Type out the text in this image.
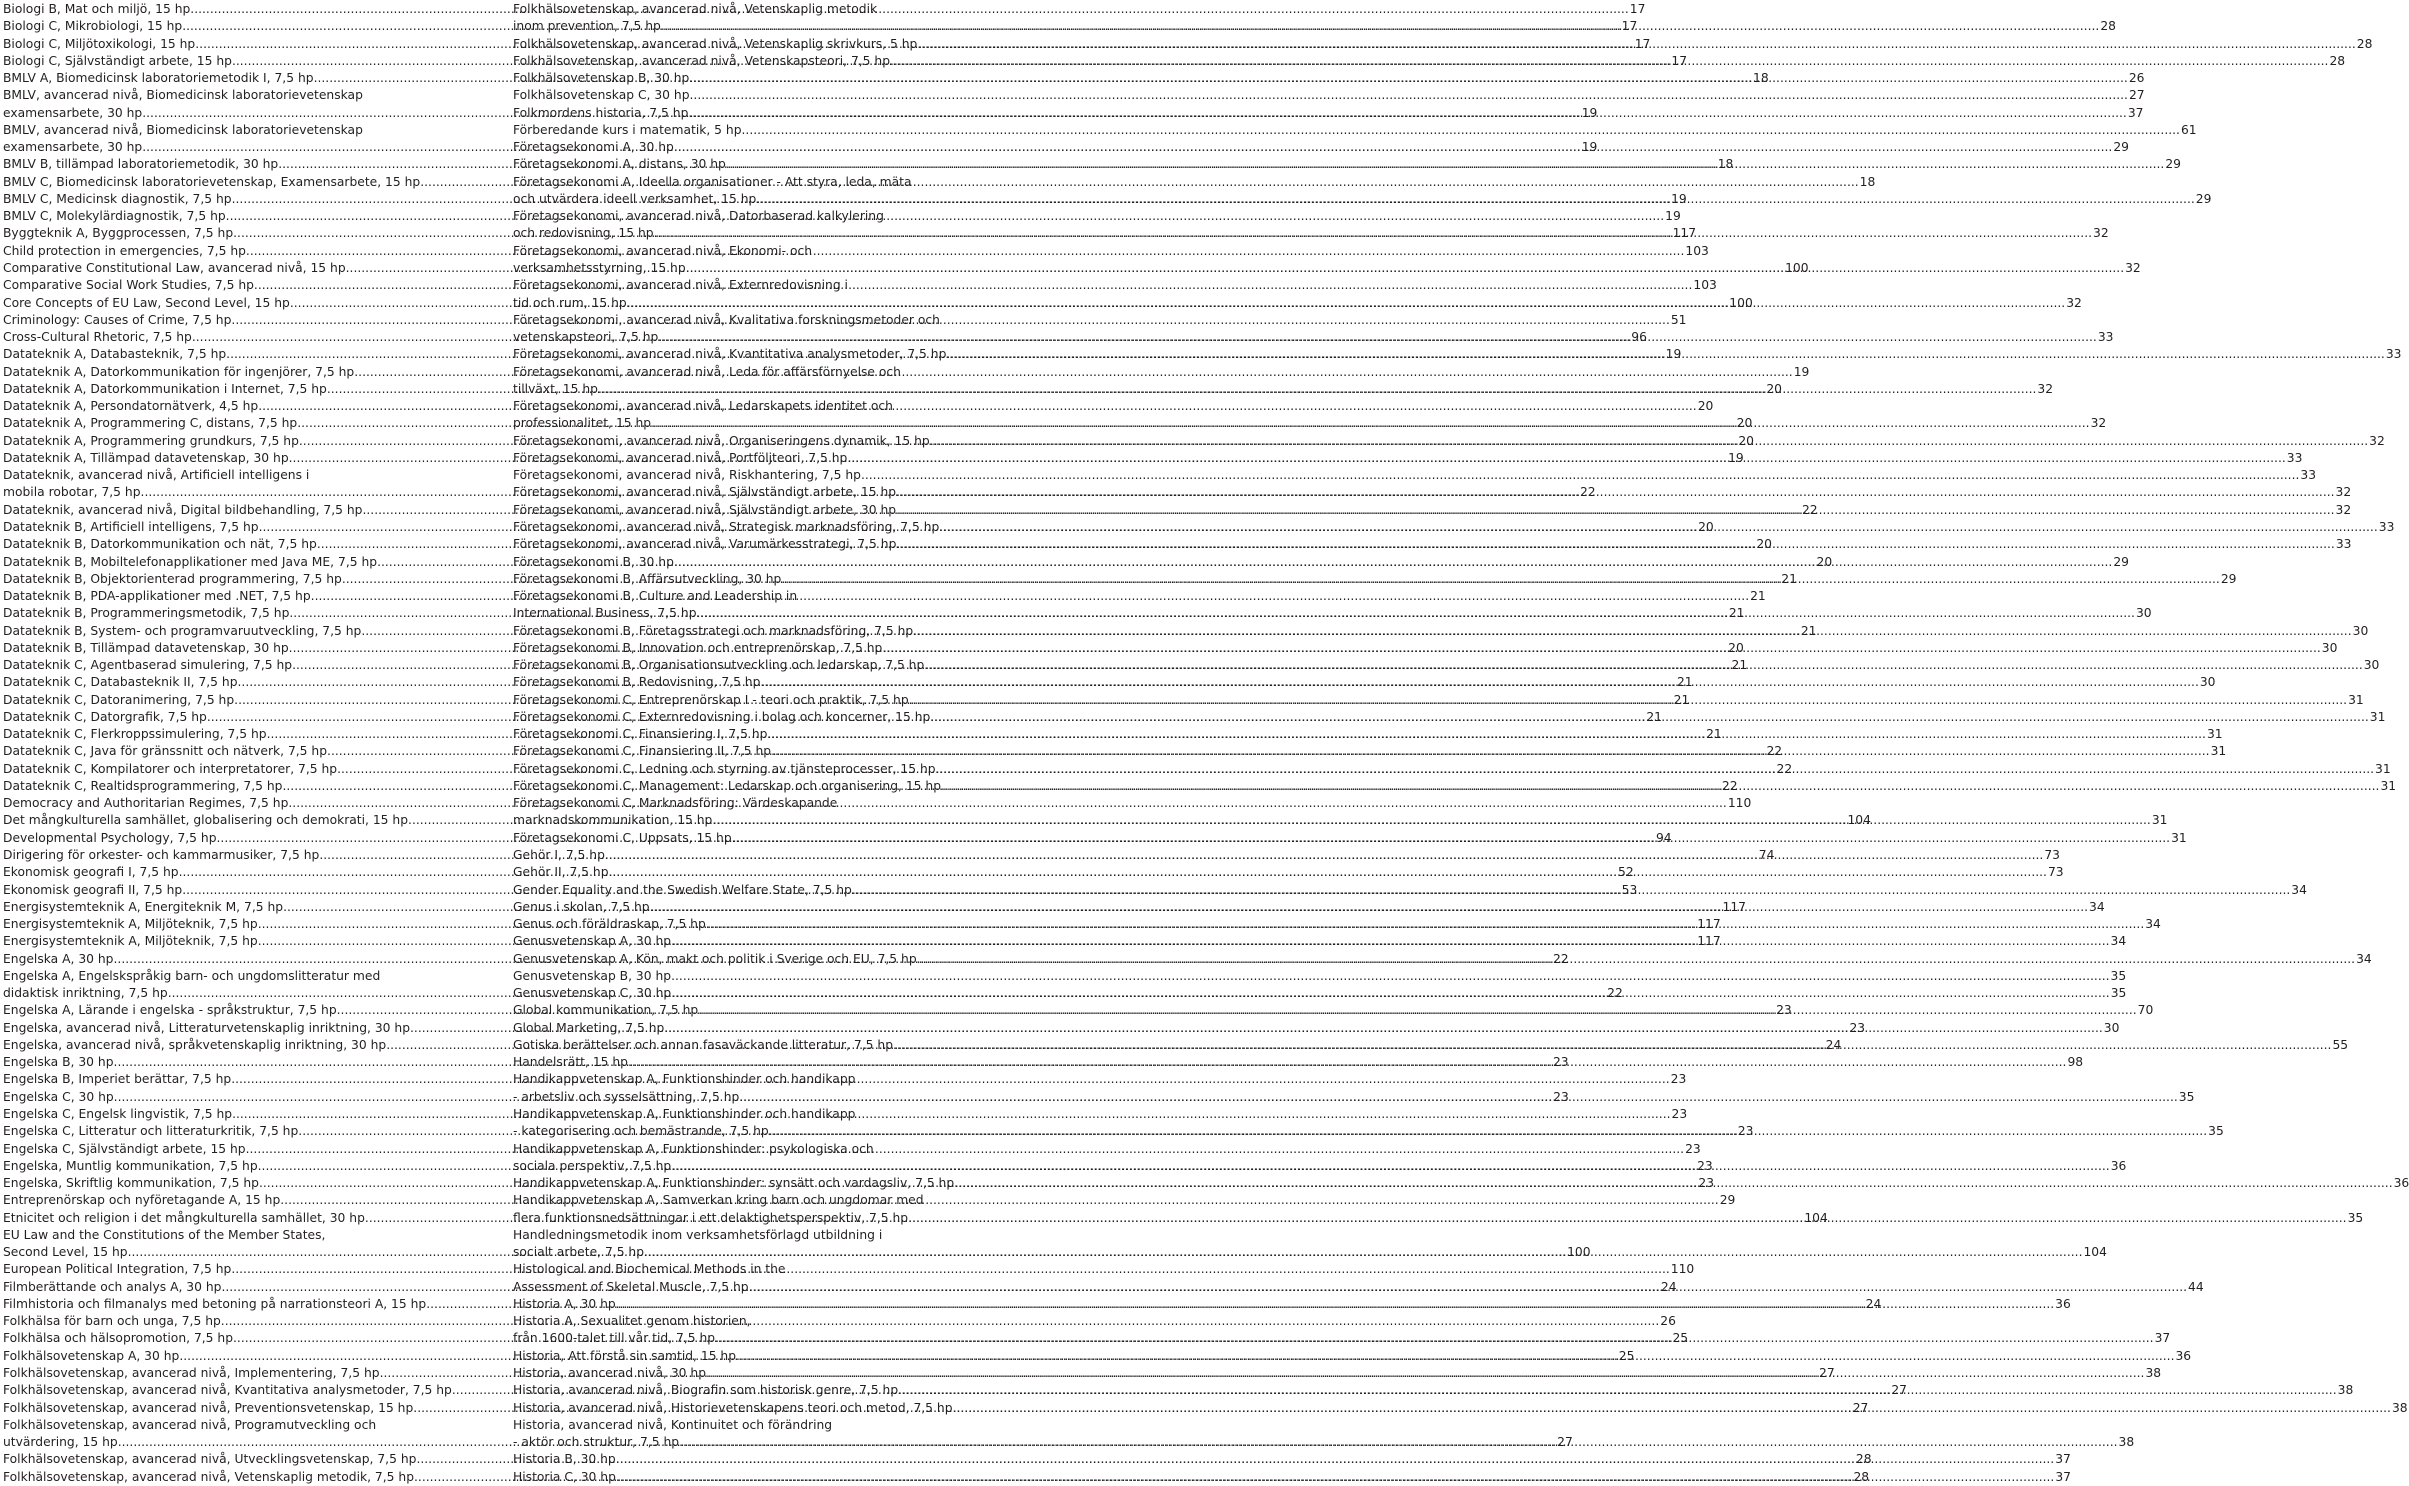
Biologi B, Mat och miljö, 15 hp .....	17
Biologi C, Mikrobiologi, 15 hp .....	17
Biologi C, Miljötoxikologi, 15 hp .....	17
Biologi C, Självständigt arbete, 15 hp .....	17
BMLV A, Biomedicinsk laboratoriemetodik I, 7,5 hp .....	18
BMLV, avancerad nivå, Biomedicinsk laboratorievetenskap
examensarbete, 30 hp .....	19
BMLV, avancerad nivå, Biomedicinsk laboratorievetenskap
examensarbete, 30 hp .....	19
BMLV B, tillämpad laboratoriemetodik, 30 hp .....	18
BMLV C, Biomedicinsk laboratorievetenskap, Examensarbete, 15 hp .....	18
BMLV C, Medicinsk diagnostik, 7,5 hp .....	19
BMLV C, Molekylärdiagnostik, 7,5 hp .....	19
Byggteknik A, Byggprocessen, 7,5 hp .....	117
Child protection in emergencies, 7,5 hp .....	103
Comparative Constitutional Law, avancerad nivå, 15 hp .....	100
Comparative Social Work Studies, 7,5 hp .....	103
Core Concepts of EU Law, Second Level, 15 hp .....	100
Criminology: Causes of Crime, 7,5 hp .....	51
Cross-Cultural Rhetoric, 7,5 hp .....	96
Datateknik A, Databasteknik, 7,5 hp .....	19
Datateknik A, Datorkommunikation för ingenjörer, 7,5 hp .....	19
Datateknik A, Datorkommunikation i Internet, 7,5 hp .....	20
Datateknik A, Persondatornätverk, 4,5 hp .....	20
Datateknik A, Programmering C, distans, 7,5 hp .....	20
Datateknik A, Programmering grundkurs, 7,5 hp .....	20
Datateknik A, Tillämpad datavetenskap, 30 hp .....	19
Datateknik, avancerad nivå, Artificiell intelligens i
mobila robotar, 7,5 hp .....	22
Datateknik, avancerad nivå, Digital bildbehandling, 7,5 hp .....	22
Datateknik B, Artificiell intelligens, 7,5 hp .....	20
Datateknik B, Datorkommunikation och nät, 7,5 hp .....	20
Datateknik B, Mobiltelefonapplikationer med Java ME, 7,5 hp .....	20
Datateknik B, Objektorienterad programmering, 7,5 hp .....	21
Datateknik B, PDA-applikationer med .NET, 7,5 hp .....	21
Datateknik B, Programmeringsmetodik, 7,5 hp .....	21
Datateknik B, System- och programvaruutveckling, 7,5 hp .....	21
Datateknik B, Tillämpad datavetenskap, 30 hp .....	20
Datateknik C, Agentbaserad simulering, 7,5 hp .....	21
Datateknik C, Databasteknik II, 7,5 hp .....	21
Datateknik C, Datoranimering, 7,5 hp .....	21
Datateknik C, Datorgrafik, 7,5 hp .....	21
Datateknik C, Flerkroppssimulering, 7,5 hp .....	21
Datateknik C, Java för gränssnitt och nätverk, 7,5 hp .....	22
Datateknik C, Kompilatorer och interpretatorer, 7,5 hp .....	22
Datateknik C, Realtidsprogrammering, 7,5 hp .....	22
Democracy and Authoritarian Regimes, 7,5 hp .....	110
Det mångkulturella samhället, globalisering och demokrati, 15 hp .....	104
Developmental Psychology, 7,5 hp .....	94
Dirigering för orkester- och kammarmusiker, 7,5 hp .....	74
Ekonomisk geografi I, 7,5 hp .....	52
Ekonomisk geografi II, 7,5 hp .....	53
Energisystemteknik A, Energiteknik M, 7,5 hp .....	117
Energisystemteknik A, Miljöteknik, 7,5 hp .....	117
Energisystemteknik A, Miljöteknik, 7,5 hp .....	117
Engelska A, 30 hp .....	22
Engelska A, Engelskspråkig barn- och ungdomslitteratur med
didaktisk inriktning, 7,5 hp .....	22
Engelska A, Lärande i engelska - språkstruktur, 7,5 hp .....	23
Engelska, avancerad nivå, Litteraturvetenskaplig inriktning, 30 hp .....	23
Engelska, avancerad nivå, språkvetenskaplig inriktning, 30 hp .....	24
Engelska B, 30 hp .....	23
Engelska B, Imperiet berättar, 7,5 hp .....	23
Engelska C, 30 hp .....	23
Engelska C, Engelsk lingvistik, 7,5 hp .....	23
Engelska C, Litteratur och litteraturkritik, 7,5 hp .....	23
Engelska C, Självständigt arbete, 15 hp .....	23
Engelska, Muntlig kommunikation, 7,5 hp .....	23
Engelska, Skriftlig kommunikation, 7,5 hp .....	23
Entreprenörskap och nyföretagande A, 15 hp .....	29
Etnicitet och religion i det mångkulturella samhället, 30 hp .....	104
EU Law and the Constitutions of the Member States,
Second Level, 15 hp .....	100
European Political Integration, 7,5 hp .....	110
Filmberättande och analys A, 30 hp .....	24
Filmhistoria och filmanalys med betoning på narrationsteori A, 15 hp .....	24
Folkhälsa för barn och unga, 7,5 hp .....	26
Folkhälsa och hälsopromotion, 7,5 hp .....	25
Folkhälsovetenskap A, 30 hp .....	25
Folkhälsovetenskap, avancerad nivå, Implementering, 7,5 hp .....	27
Folkhälsovetenskap, avancerad nivå, Kvantitativa analysmetoder, 7,5 hp .....	27
Folkhälsovetenskap, avancerad nivå, Preventionsvetenskap, 15 hp .....	27
Folkhälsovetenskap, avancerad nivå, Programutveckling och
utvärdering, 15 hp .....	27
Folkhälsovetenskap, avancerad nivå, Utvecklingsvetenskap, 7,5 hp .....	28
Folkhälsovetenskap, avancerad nivå, Vetenskaplig metodik, 7,5 hp .....	28
Folkhälsovetenskap, avancerad nivå, Vetenskaplig metodik
inom prevention, 7,5 hp .....	28
Folkhälsovetenskap, avancerad nivå, Vetenskaplig skrivkurs, 5 hp .....	28
Folkhälsovetenskap, avancerad nivå, Vetenskapsteori, 7,5 hp .....	28
Folkhälsovetenskap B, 30 hp .....	26
Folkhälsovetenskap C, 30 hp .....	27
Folkmordens historia, 7,5 hp .....	37
Förberedande kurs i matematik, 5 hp .....	61
Företagsekonomi A, 30 hp .....	29
Företagsekonomi A, distans, 30 hp .....	29
Företagsekonomi A, Ideella organisationer - Att styra, leda, mäta
och utvärdera ideell verksamhet, 15 hp .....	29
Företagsekonomi, avancerad nivå, Datorbaserad kalkylering
och redovisning, 15 hp .....	32
Företagsekonomi, avancerad nivå, Ekonomi- och
verksamhetsstyrning, 15 hp .....	32
Företagsekonomi, avancerad nivå, Externredovisning i
tid och rum, 15 hp .....	32
Företagsekonomi, avancerad nivå, Kvalitativa forskningsmetoder och
vetenskapsteori, 7,5 hp .....	33
Företagsekonomi, avancerad nivå, Kvantitativa analysmetoder, 7,5 hp .....	33
Företagsekonomi, avancerad nivå, Leda för affärsförnyelse och
tillväxt, 15 hp .....	32
Företagsekonomi, avancerad nivå, Ledarskapets identitet och
professionalitet, 15 hp .....	32
Företagsekonomi, avancerad nivå, Organiseringens dynamik, 15 hp .....	32
Företagsekonomi, avancerad nivå, Portföljteori, 7,5 hp .....	33
Företagsekonomi, avancerad nivå, Riskhantering, 7,5 hp .....	33
Företagsekonomi, avancerad nivå, Självständigt arbete, 15 hp .....	32
Företagsekonomi, avancerad nivå, Självständigt arbete, 30 hp .....	32
Företagsekonomi, avancerad nivå, Strategisk marknadsföring, 7,5 hp .....	33
Företagsekonomi, avancerad nivå, Varumärkesstrategi, 7,5 hp .....	33
Företagsekonomi B, 30 hp .....	29
Företagsekonomi B, Affärsutveckling, 30 hp .....	29
Företagsekonomi B, Culture and Leadership in
International Business, 7,5 hp .....	30
Företagsekonomi B, Företagsstrategi och marknadsföring, 7,5 hp .....	30
Företagsekonomi B, Innovation och entreprenörskap, 7,5 hp .....	30
Företagsekonomi B, Organisationsutveckling och ledarskap, 7,5 hp .....	30
Företagsekonomi B, Redovisning, 7,5 hp .....	30
Företagsekonomi C, Entreprenörskap I - teori och praktik, 7,5 hp .....	31
Företagsekonomi C, Externredovisning i bolag och koncerner, 15 hp .....	31
Företagsekonomi C, Finansiering I, 7,5 hp .....	31
Företagsekonomi C, Finansiering II, 7,5 hp .....	31
Företagsekonomi C, Ledning och styrning av tjänsteprocesser, 15 hp .....	31
Företagsekonomi C, Management: Ledarskap och organisering, 15 hp .....	31
Företagsekonomi C, Marknadsföring: Värdeskapande
marknadskommunikation, 15 hp .....	31
Företagsekonomi C, Uppsats, 15 hp .....	31
Gehör I, 7,5 hp .....	73
Gehör II, 7,5 hp .....	73
Gender Equality and the Swedish Welfare State, 7,5 hp .....	34
Genus i skolan, 7,5 hp .....	34
Genus och föräldraskap, 7,5 hp .....	34
Genusvetenskap A, 30 hp .....	34
Genusvetenskap A, Kön, makt och politik i Sverige och EU, 7,5 hp .....	34
Genusvetenskap B, 30 hp .....	35
Genusvetenskap C, 30 hp .....	35
Global kommunikation, 7,5 hp .....	70
Global Marketing, 7,5 hp .....	30
Gotiska berättelser och annan fasaväckande litteratur, 7,5 hp .....	55
Handelsrätt, 15 hp .....	98
Handikappvetenskap A, Funktionshinder och handikapp
- arbetsliv och sysselsättning, 7,5 hp .....	35
Handikappvetenskap A, Funktionshinder och handikapp
- kategorisering och bemästrande, 7,5 hp .....	35
Handikappvetenskap A, Funktionshinder: psykologiska och
sociala perspektiv, 7,5 hp .....	36
Handikappvetenskap A, Funktionshinder: synsätt och vardagsliv, 7,5 hp .....	36
Handikappvetenskap A, Samverkan kring barn och ungdomar med
flera funktionsnedsättningar i ett delaktighetsperspektiv, 7,5 hp .....	35
Handledningsmetodik inom verksamhetsförlagd utbildning i
socialt arbete, 7,5 hp .....	104
Histological and Biochemical Methods in the
Assessment of Skeletal Muscle, 7,5 hp .....	44
Historia A, 30 hp .....	36
Historia A, Sexualitet genom historien,
från 1600-talet till vår tid, 7,5 hp .....	37
Historia, Att förstå sin samtid, 15 hp .....	36
Historia, avancerad nivå, 30 hp .....	38
Historia, avancerad nivå, Biografin som historisk genre, 7,5 hp .....	38
Historia, avancerad nivå, Historievetenskapens teori och metod, 7,5 hp .....	38
Historia, avancerad nivå, Kontinuitet och förändring
- aktör och struktur, 7,5 hp .....	38
Historia B, 30 hp .....	37
Historia C, 30 hp .....	37
